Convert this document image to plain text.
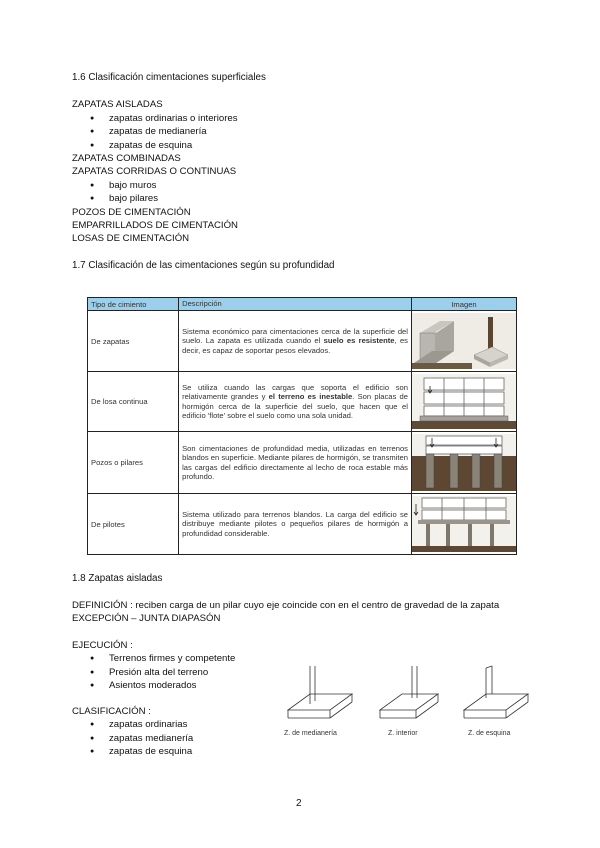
1.6 Clasificación cimentaciones superficiales
ZAPATAS AISLADAS
● zapatas ordinarias o interiores
● zapatas de medianería
● zapatas de esquina
ZAPATAS COMBINADAS
ZAPATAS CORRIDAS O CONTINUAS
● bajo muros
● bajo pilares
POZOS DE CIMENTACIÓN
EMPARRILLADOS DE CIMENTACIÓN
LOSAS DE CIMENTACIÓN
1.7 Clasificación de las cimentaciones según su profundidad
Tipo de cimiento	Descripción	Imagen
De zapatas	Sistema económico para cimentaciones cerca de la superficie del suelo. La zapata es utilizada cuando el suelo es resistente, es decir, es capaz de soportar pesos elevados.	

De losa continua	Se utiliza cuando las cargas que soporta el edificio son relativamente grandes y el terreno es inestable. Son placas de hormigón cerca de la superficie del suelo, que hacen que el edificio 'flote' sobre el suelo como una sola unidad.	

Pozos o pilares	Son cimentaciones de profundidad media, utilizadas en terrenos blandos en superficie. Mediante pilares de hormigón, se transmiten las cargas del edificio directamente al lecho de roca estable más profundo.	

De pilotes	Sistema utilizado para terrenos blandos. La carga del edificio se distribuye mediante pilotes o pequeños pilares de hormigón a profundidad considerable.	
1.8 Zapatas aisladas
DEFINICIÓN : reciben carga de un pilar cuyo eje coincide con en el centro de gravedad de la zapata
EXCEPCIÓN – JUNTA DIAPASÓN
EJECUCIÓN :
● Terrenos firmes y competente
● Presión alta del terreno
● Asientos moderados
CLASIFICACIÓN :
● zapatas ordinarias
● zapatas medianería
● zapatas de esquina
Z. de medianería	Z. interior	Z. de esquina
2
